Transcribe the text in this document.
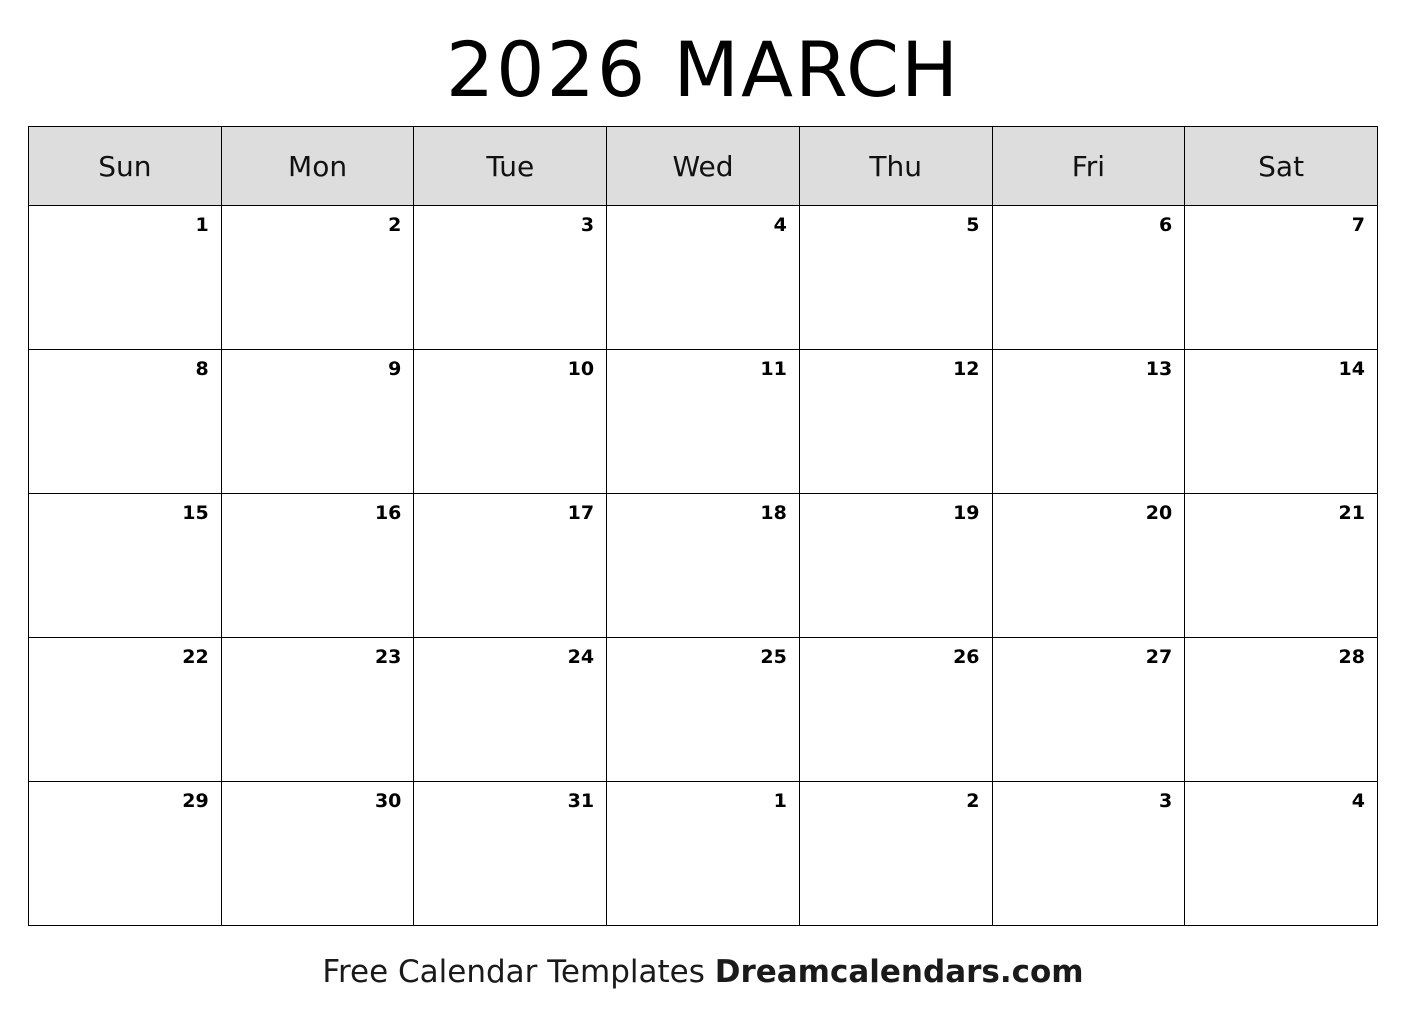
2026 MARCH
Sun	Mon	Tue	Wed	Thu	Fri	Sat
1	2	3	4	5	6	7
8	9	10	11	12	13	14
15	16	17	18	19	20	21
22	23	24	25	26	27	28
29	30	31	1	2	3	4
Free Calendar Templates Dreamcalendars.com
